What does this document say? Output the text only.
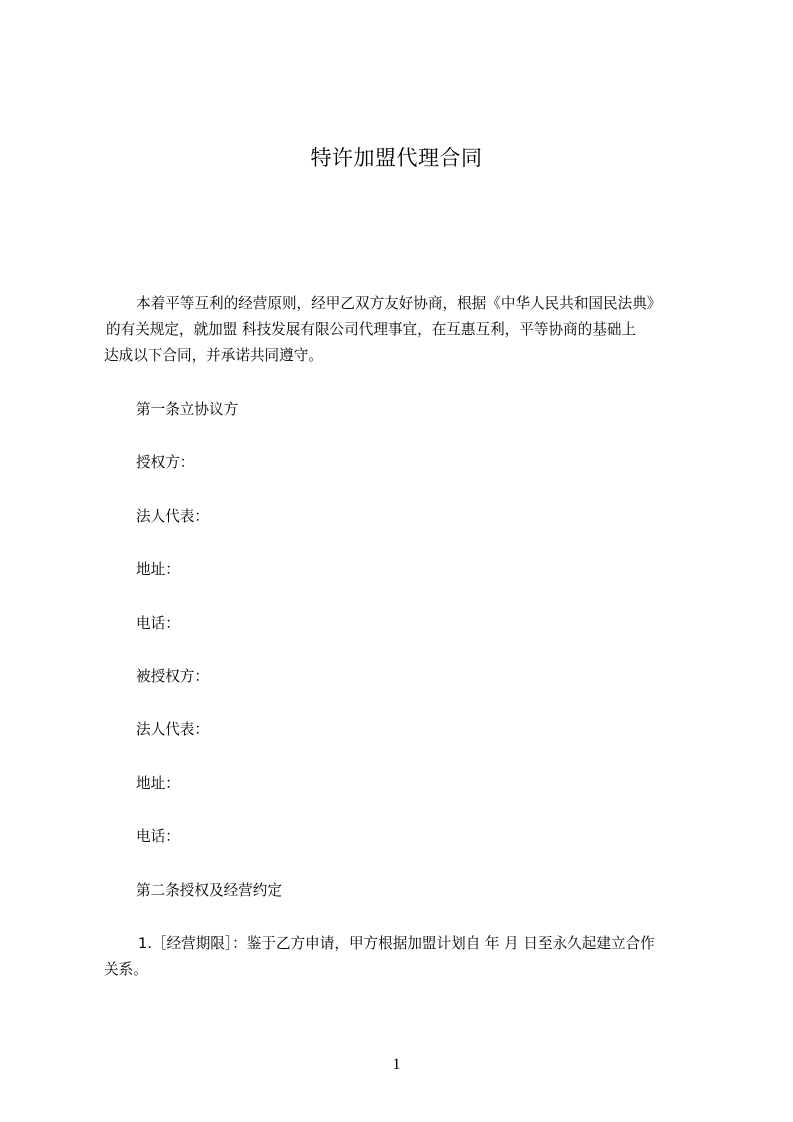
特许加盟代理合同
本着平等互利的经营原则，经甲乙双方友好协商，根据《中华人民共和国民法典》
的有关规定，就加盟 科技发展有限公司代理事宜，在互惠互利，平等协商的基础上
达成以下合同，并承诺共同遵守。
第一条立协议方
授权方：
法人代表：
地址：
电话：
被授权方：
法人代表：
地址：
电话：
第二条授权及经营约定
1.［经营期限］：鉴于乙方申请，甲方根据加盟计划自 年 月 日至永久起建立合作
关系。
1
